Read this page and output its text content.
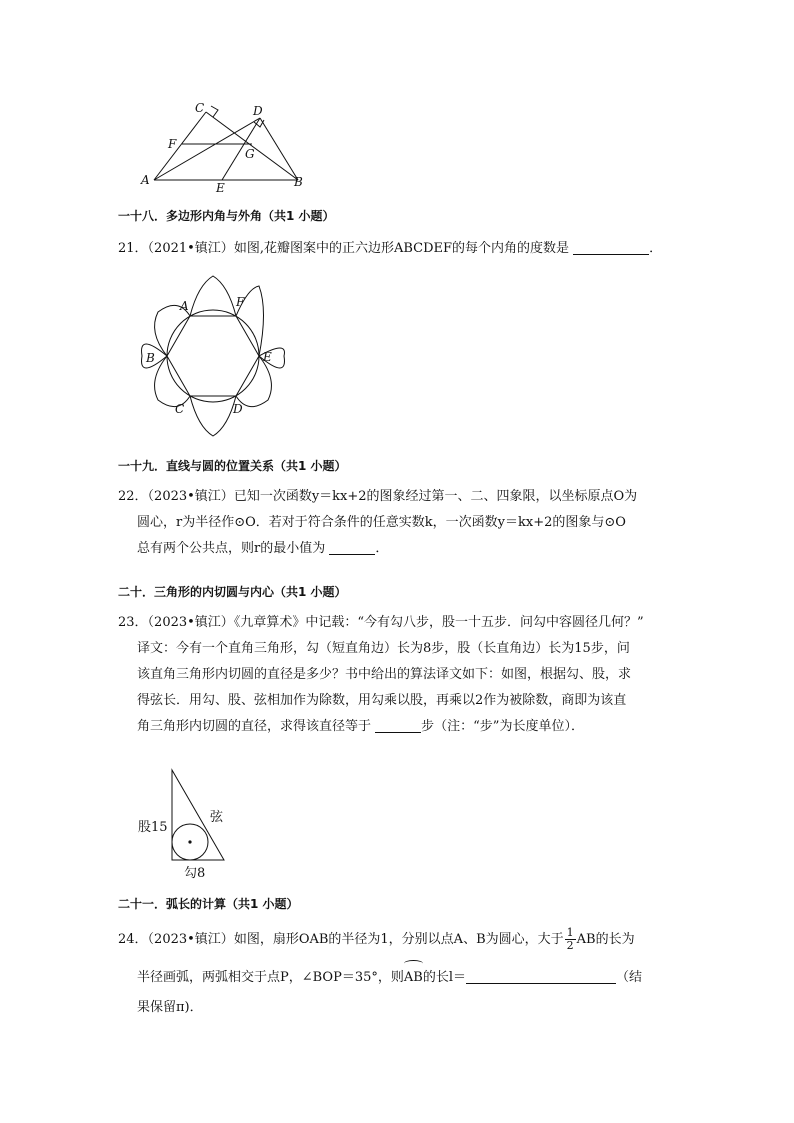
C	D
F
G
A
E	B
一十八．多边形内角与外角（共1 小题）
21．（2021•镇江）如图,花瓣图案中的正六边形ABCDEF的每个内角的度数是	．
A	F
B	E
C	D
一十九．直线与圆的位置关系（共1 小题）
22．（2023•镇江）已知一次函数y＝kx+2的图象经过第一、二、四象限，以坐标原点O为
圆心，r为半径作⊙O．若对于符合条件的任意实数k，一次函数y＝kx+2的图象与⊙O
总有两个公共点，则r的最小值为	．
二十．三角形的内切圆与内心（共1 小题）
23．（2023•镇江）《九章算术》中记载：“今有勾八步，股一十五步．问勾中容圆径几何？”
译文：今有一个直角三角形，勾（短直角边）长为8步，股（长直角边）长为15步，问
该直角三角形内切圆的直径是多少？书中给出的算法译文如下：如图，根据勾、股，求
得弦长．用勾、股、弦相加作为除数，用勾乘以股，再乘以2作为被除数，商即为该直
角三角形内切圆的直径，求得该直径等于	步（注：“步”为长度单位）．
股15
弦
勾8
二十一．弧长的计算（共1 小题）
24．（2023•镇江）如图，扇形OAB的半径为1，分别以点A、B为圆心，大于 $\frac{1}{2}$ AB的长为
半径画弧，两弧相交于点P，∠BOP＝35°，则AB的长l＝	（结
果保留π)．
